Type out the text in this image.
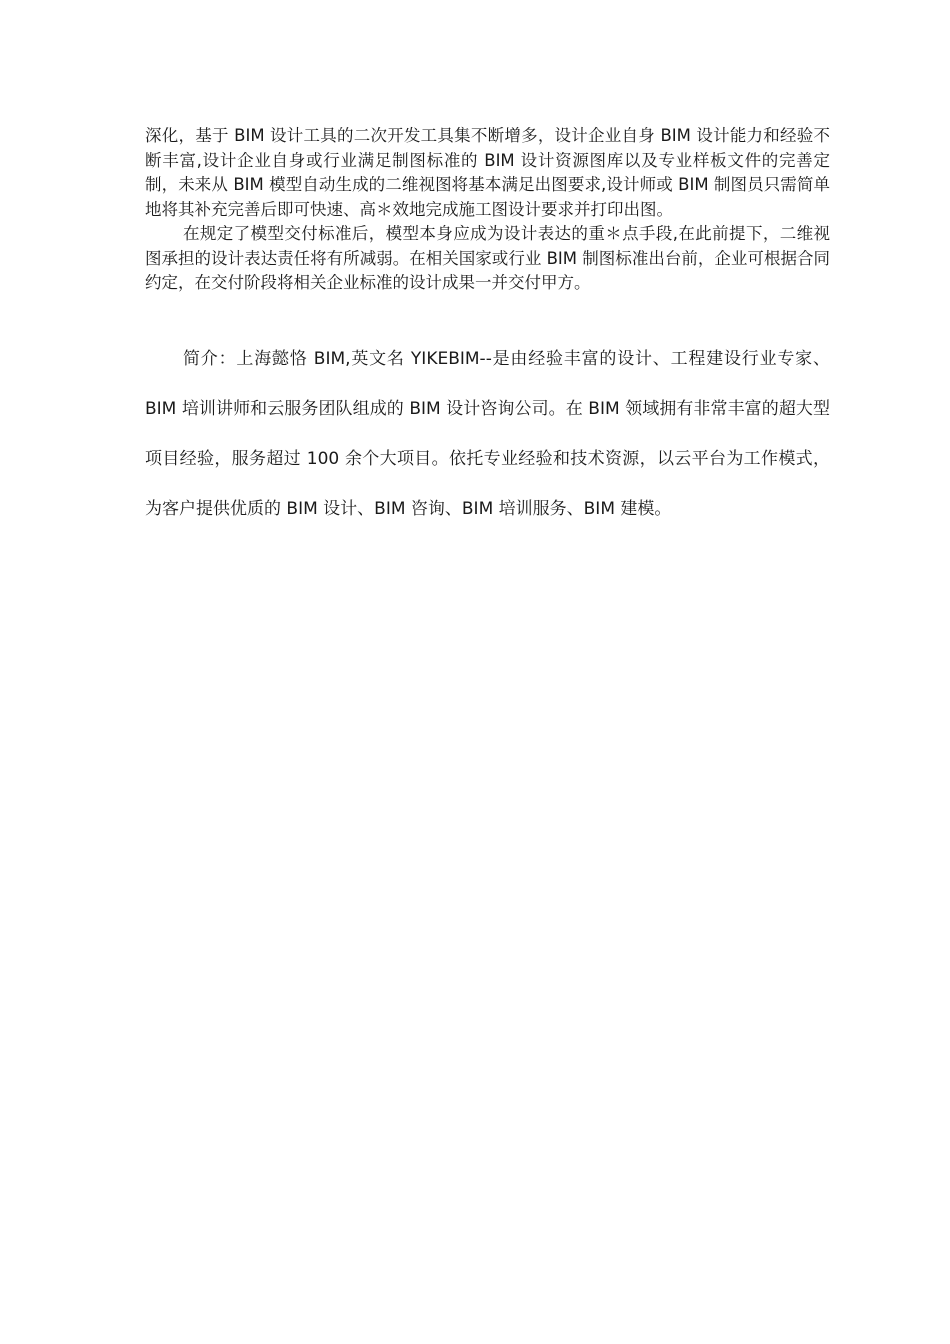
深化，基于 BIM 设计工具的二次开发工具集不断增多，设计企业自身 BIM 设计能力和经验不断丰富,设计企业自身或行业满足制图标准的 BIM 设计资源图库以及专业样板文件的完善定制，未来从 BIM 模型自动生成的二维视图将基本满足出图要求,设计师或 BIM 制图员只需简单地将其补充完善后即可快速、高＊效地完成施工图设计要求并打印出图。

在规定了模型交付标准后，模型本身应成为设计表达的重＊点手段,在此前提下，二维视图承担的设计表达责任将有所减弱。在相关国家或行业 BIM 制图标准出台前，企业可根据合同约定，在交付阶段将相关企业标准的设计成果一并交付甲方。

简介：上海懿恪 BIM,英文名 YIKEBIM--是由经验丰富的设计、工程建设行业专家、BIM 培训讲师和云服务团队组成的 BIM 设计咨询公司。在 BIM 领域拥有非常丰富的超大型项目经验，服务超过 100 余个大项目。依托专业经验和技术资源，以云平台为工作模式，为客户提供优质的 BIM 设计、BIM 咨询、BIM 培训服务、BIM 建模。
